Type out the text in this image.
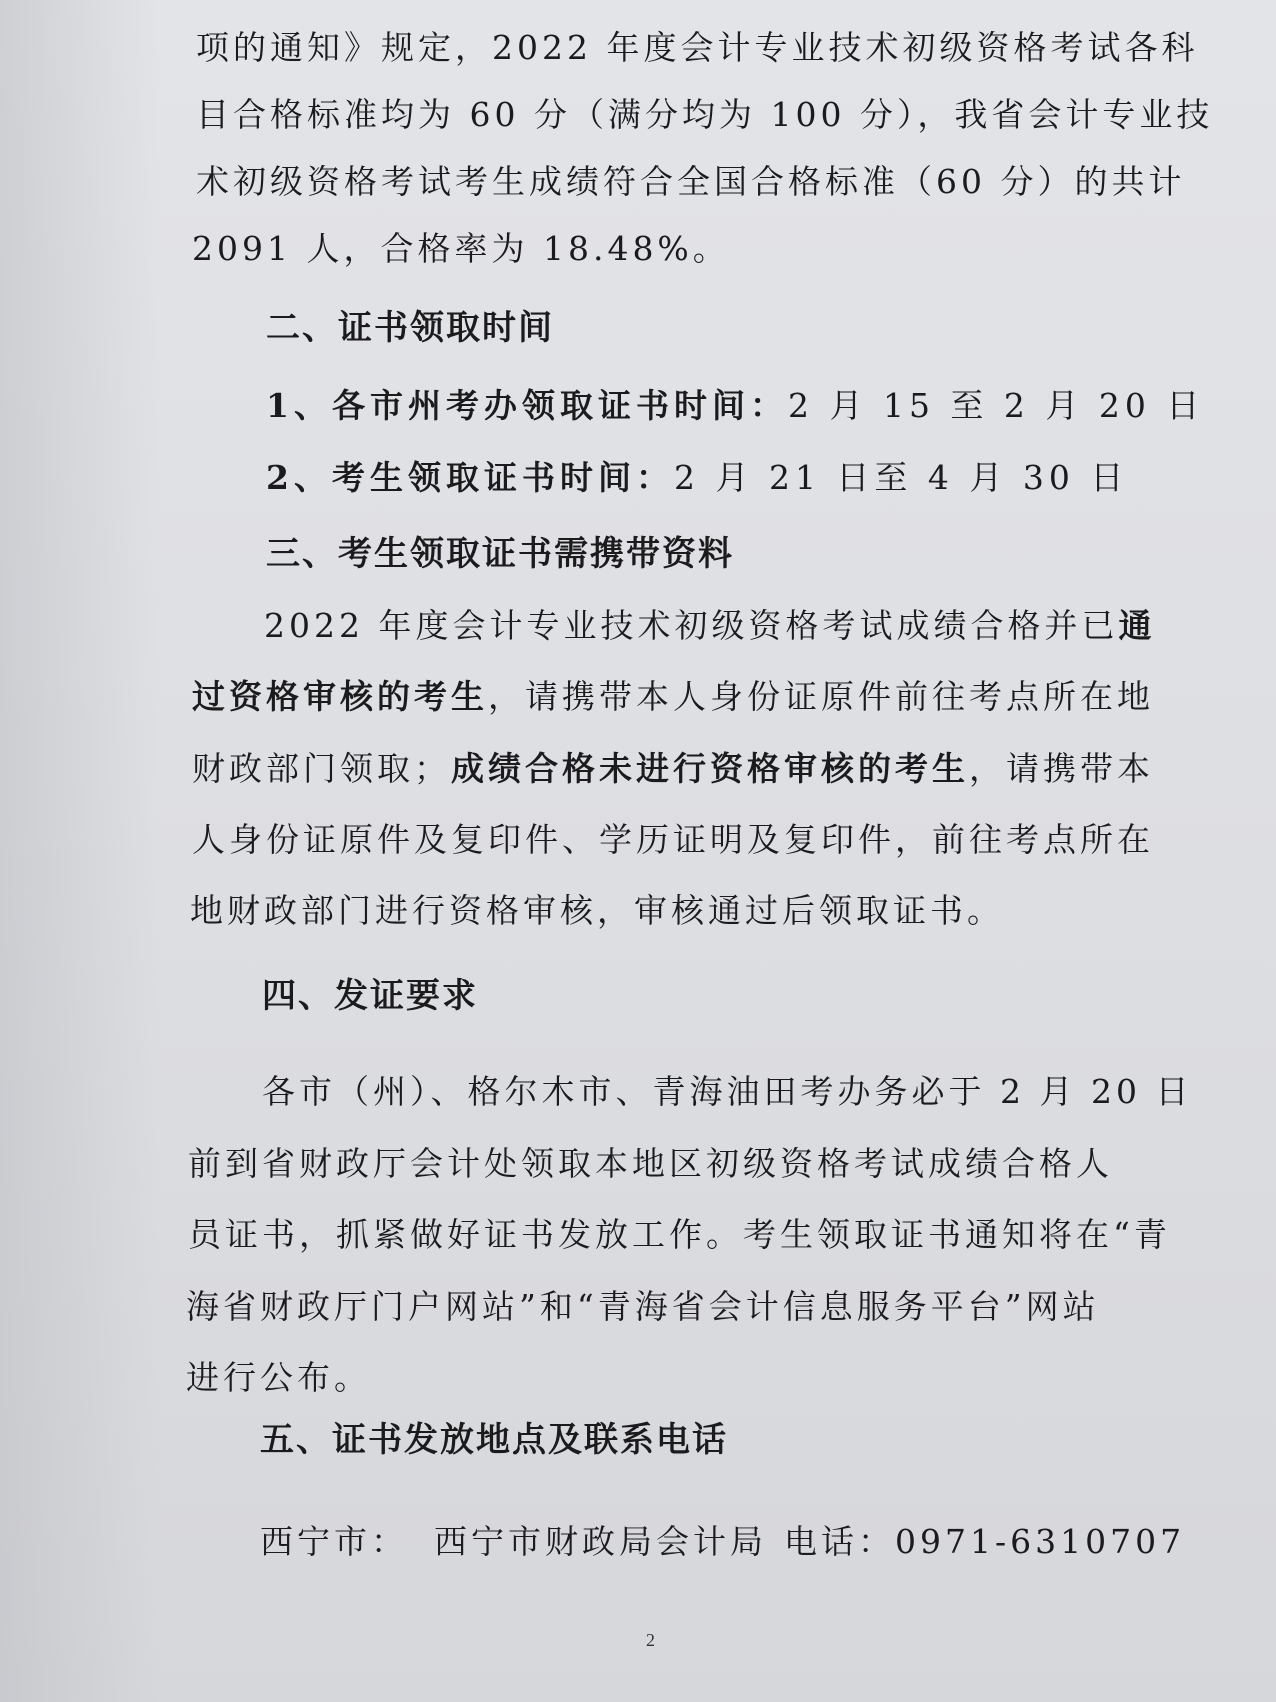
项的通知》规定，2022 年度会计专业技术初级资格考试各科
目合格标准均为 60 分（满分均为 100 分），我省会计专业技
术初级资格考试考生成绩符合全国合格标准（60 分）的共计
2091 人，合格率为 18.48%。
二、证书领取时间
1、各市州考办领取证书时间：2 月 15 至 2 月 20 日
2、考生领取证书时间：2 月 21 日至 4 月 30 日
三、考生领取证书需携带资料
2022 年度会计专业技术初级资格考试成绩合格并已通
过资格审核的考生，请携带本人身份证原件前往考点所在地
财政部门领取；成绩合格未进行资格审核的考生，请携带本
人身份证原件及复印件、学历证明及复印件，前往考点所在
地财政部门进行资格审核，审核通过后领取证书。
四、发证要求
各市（州）、格尔木市、青海油田考办务必于 2 月 20 日
前到省财政厅会计处领取本地区初级资格考试成绩合格人
员证书，抓紧做好证书发放工作。考生领取证书通知将在“青
海省财政厅门户网站”和“青海省会计信息服务平台”网站
进行公布。
五、证书发放地点及联系电话
西宁市： 西宁市财政局会计局 电话：0971-6310707
2
